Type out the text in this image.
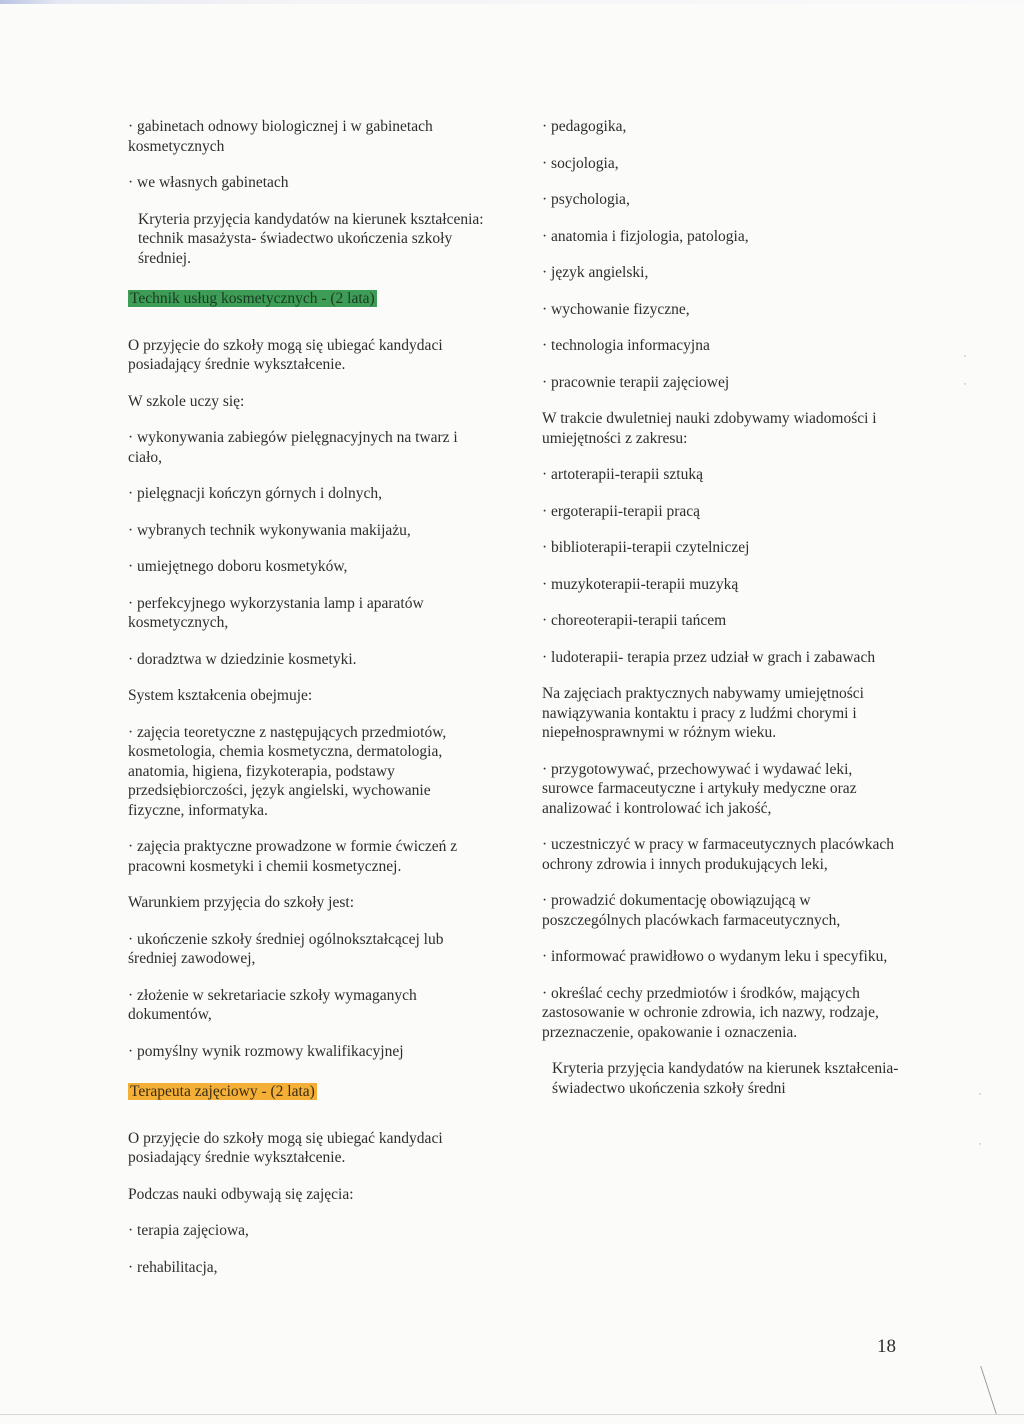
· gabinetach odnowy biologicznej i w gabinetach kosmetycznych

· we własnych gabinetach

Kryteria przyjęcia kandydatów na kierunek kształcenia: technik masażysta- świadectwo ukończenia szkoły średniej.

Technik usług kosmetycznych - (2 lata)

O przyjęcie do szkoły mogą się ubiegać kandydaci posiadający średnie wykształcenie.

W szkole uczy się:

· wykonywania zabiegów pielęgnacyjnych na twarz i ciało,

· pielęgnacji kończyn górnych i dolnych,

· wybranych technik wykonywania makijażu,

· umiejętnego doboru kosmetyków,

· perfekcyjnego wykorzystania lamp i aparatów kosmetycznych,

· doradztwa w dziedzinie kosmetyki.

System kształcenia obejmuje:

· zajęcia teoretyczne z następujących przedmiotów, kosmetologia, chemia kosmetyczna, dermatologia, anatomia, higiena, fizykoterapia, podstawy przedsiębiorczości, język angielski, wychowanie fizyczne, informatyka.

· zajęcia praktyczne prowadzone w formie ćwiczeń z pracowni kosmetyki i chemii kosmetycznej.

Warunkiem przyjęcia do szkoły jest:

· ukończenie szkoły średniej ogólnokształcącej lub średniej zawodowej,

· złożenie w sekretariacie szkoły wymaganych dokumentów,

· pomyślny wynik rozmowy kwalifikacyjnej

Terapeuta zajęciowy - (2 lata)

O przyjęcie do szkoły mogą się ubiegać kandydaci posiadający średnie wykształcenie.

Podczas nauki odbywają się zajęcia:

· terapia zajęciowa,

· rehabilitacja,

· pedagogika,

· socjologia,

· psychologia,

· anatomia i fizjologia, patologia,

· język angielski,

· wychowanie fizyczne,

· technologia informacyjna

· pracownie terapii zajęciowej

W trakcie dwuletniej nauki zdobywamy wiadomości i umiejętności z zakresu:

· artoterapii-terapii sztuką

· ergoterapii-terapii pracą

· biblioterapii-terapii czytelniczej

· muzykoterapii-terapii muzyką

· choreoterapii-terapii tańcem

· ludoterapii- terapia przez udział w grach i zabawach

Na zajęciach praktycznych nabywamy umiejętności nawiązywania kontaktu i pracy z ludźmi chorymi i niepełnosprawnymi w różnym wieku.

· przygotowywać, przechowywać i wydawać leki, surowce farmaceutyczne i artykuły medyczne oraz analizować i kontrolować ich jakość,

· uczestniczyć w pracy w farmaceutycznych placówkach ochrony zdrowia i innych produkujących leki,

· prowadzić dokumentację obowiązującą w poszczególnych placówkach farmaceutycznych,

· informować prawidłowo o wydanym leku i specyfiku,

· określać cechy przedmiotów i środków, mających zastosowanie w ochronie zdrowia, ich nazwy, rodzaje, przeznaczenie, opakowanie i oznaczenia.

Kryteria przyjęcia kandydatów na kierunek kształcenia- świadectwo ukończenia szkoły średni

18
˙
˙
˙
˙
